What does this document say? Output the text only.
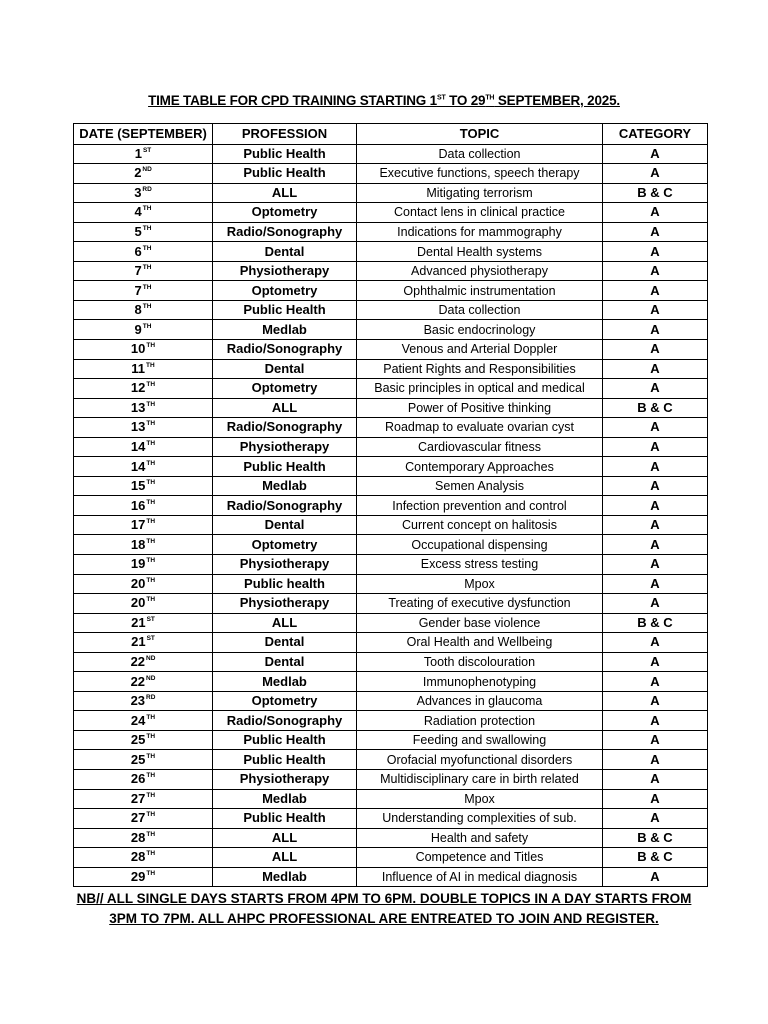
TIME TABLE FOR CPD TRAINING STARTING 1ST TO 29TH SEPTEMBER, 2025.
DATE (SEPTEMBER)	PROFESSION	TOPIC	CATEGORY
1ST	Public Health	Data collection	A
2ND	Public Health	Executive functions, speech therapy	A
3RD	ALL	Mitigating terrorism	B & C
4TH	Optometry	Contact lens in clinical practice	A
5TH	Radio/Sonography	Indications for mammography	A
6TH	Dental	Dental Health systems	A
7TH	Physiotherapy	Advanced physiotherapy	A
7TH	Optometry	Ophthalmic instrumentation	A
8TH	Public Health	Data collection	A
9TH	Medlab	Basic endocrinology	A
10TH	Radio/Sonography	Venous and Arterial Doppler	A
11TH	Dental	Patient Rights and Responsibilities	A
12TH	Optometry	Basic principles in optical and medical	A
13TH	ALL	Power of Positive thinking	B & C
13TH	Radio/Sonography	Roadmap to evaluate ovarian cyst	A
14TH	Physiotherapy	Cardiovascular fitness	A
14TH	Public Health	Contemporary Approaches	A
15TH	Medlab	Semen Analysis	A
16TH	Radio/Sonography	Infection prevention and control	A
17TH	Dental	Current concept on halitosis	A
18TH	Optometry	Occupational dispensing	A
19TH	Physiotherapy	Excess stress testing	A
20TH	Public health	Mpox	A
20TH	Physiotherapy	Treating of executive dysfunction	A
21ST	ALL	Gender base violence	B & C
21ST	Dental	Oral Health and Wellbeing	A
22ND	Dental	Tooth discolouration	A
22ND	Medlab	Immunophenotyping	A
23RD	Optometry	Advances in glaucoma	A
24TH	Radio/Sonography	Radiation protection	A
25TH	Public Health	Feeding and swallowing	A
25TH	Public Health	Orofacial myofunctional disorders	A
26TH	Physiotherapy	Multidisciplinary care in birth related	A
27TH	Medlab	Mpox	A
27TH	Public Health	Understanding complexities of sub.	A
28TH	ALL	Health and safety	B & C
28TH	ALL	Competence and Titles	B & C
29TH	Medlab	Influence of AI in medical diagnosis	A
NB// ALL SINGLE DAYS STARTS FROM 4PM TO 6PM. DOUBLE TOPICS IN A DAY STARTS FROM
3PM TO 7PM. ALL AHPC PROFESSIONAL ARE ENTREATED TO JOIN AND REGISTER.
